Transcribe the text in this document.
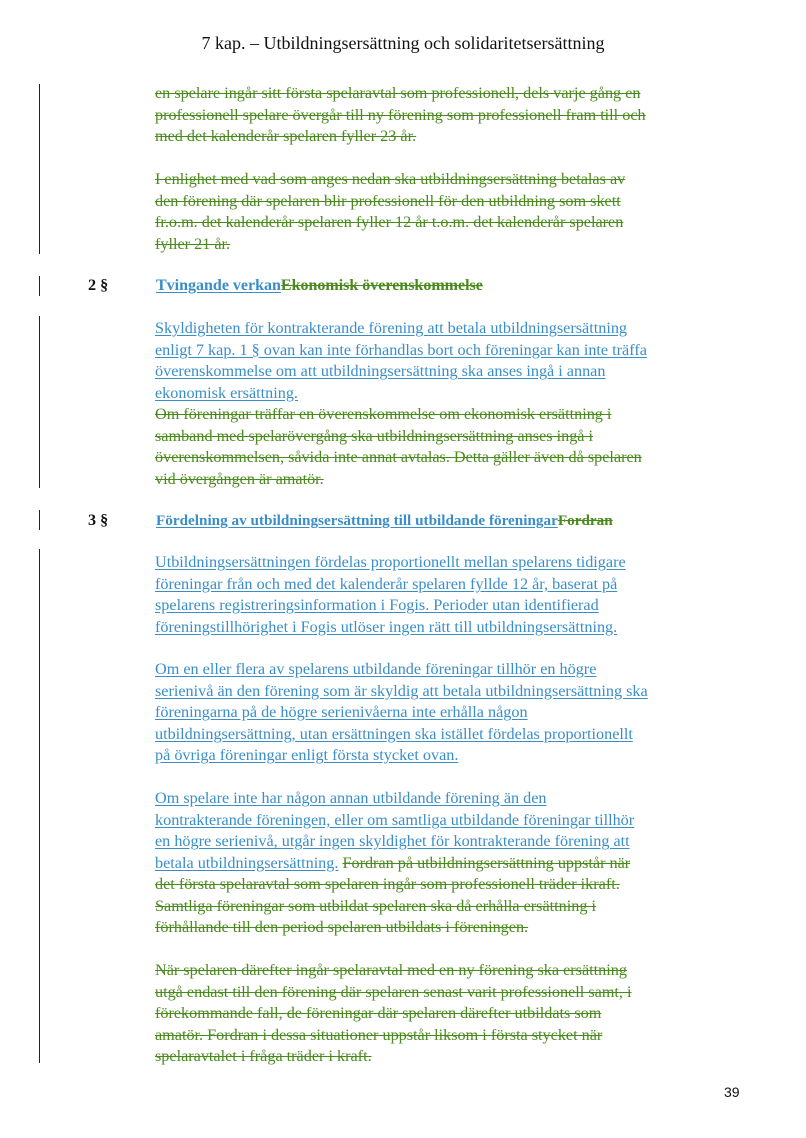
7 kap. – Utbildningsersättning och solidaritetsersättning
en spelare ingår sitt första spelaravtal som professionell, dels varje gång en
professionell spelare övergår till ny förening som professionell fram till och
med det kalenderår spelaren fyller 23 år.
I enlighet med vad som anges nedan ska utbildningsersättning betalas av
den förening där spelaren blir professionell för den utbildning som skett
fr.o.m. det kalenderår spelaren fyller 12 år t.o.m. det kalenderår spelaren
fyller 21 år.
2 §	Tvingande verkanEkonomisk överenskommelse
Skyldigheten för kontrakterande förening att betala utbildningsersättning
enligt 7 kap. 1 § ovan kan inte förhandlas bort och föreningar kan inte träffa
överenskommelse om att utbildningsersättning ska anses ingå i annan
ekonomisk ersättning.
Om föreningar träffar en överenskommelse om ekonomisk ersättning i
samband med spelarövergång ska utbildningsersättning anses ingå i
överenskommelsen, såvida inte annat avtalas. Detta gäller även då spelaren
vid övergången är amatör.
3 §	Fördelning av utbildningsersättning till utbildande föreningarFordran
Utbildningsersättningen fördelas proportionellt mellan spelarens tidigare
föreningar från och med det kalenderår spelaren fyllde 12 år, baserat på
spelarens registreringsinformation i Fogis. Perioder utan identifierad
föreningstillhörighet i Fogis utlöser ingen rätt till utbildningsersättning.
Om en eller flera av spelarens utbildande föreningar tillhör en högre
serienivå än den förening som är skyldig att betala utbildningsersättning ska
föreningarna på de högre serienivåerna inte erhålla någon
utbildningsersättning, utan ersättningen ska istället fördelas proportionellt
på övriga föreningar enligt första stycket ovan.
Om spelare inte har någon annan utbildande förening än den
kontrakterande föreningen, eller om samtliga utbildande föreningar tillhör
en högre serienivå, utgår ingen skyldighet för kontrakterande förening att
betala utbildningsersättning. Fordran på utbildningsersättning uppstår när
det första spelaravtal som spelaren ingår som professionell träder ikraft.
Samtliga föreningar som utbildat spelaren ska då erhålla ersättning i
förhållande till den period spelaren utbildats i föreningen.
När spelaren därefter ingår spelaravtal med en ny förening ska ersättning
utgå endast till den förening där spelaren senast varit professionell samt, i
förekommande fall, de föreningar där spelaren därefter utbildats som
amatör. Fordran i dessa situationer uppstår liksom i första stycket när
spelaravtalet i fråga träder i kraft.
39
